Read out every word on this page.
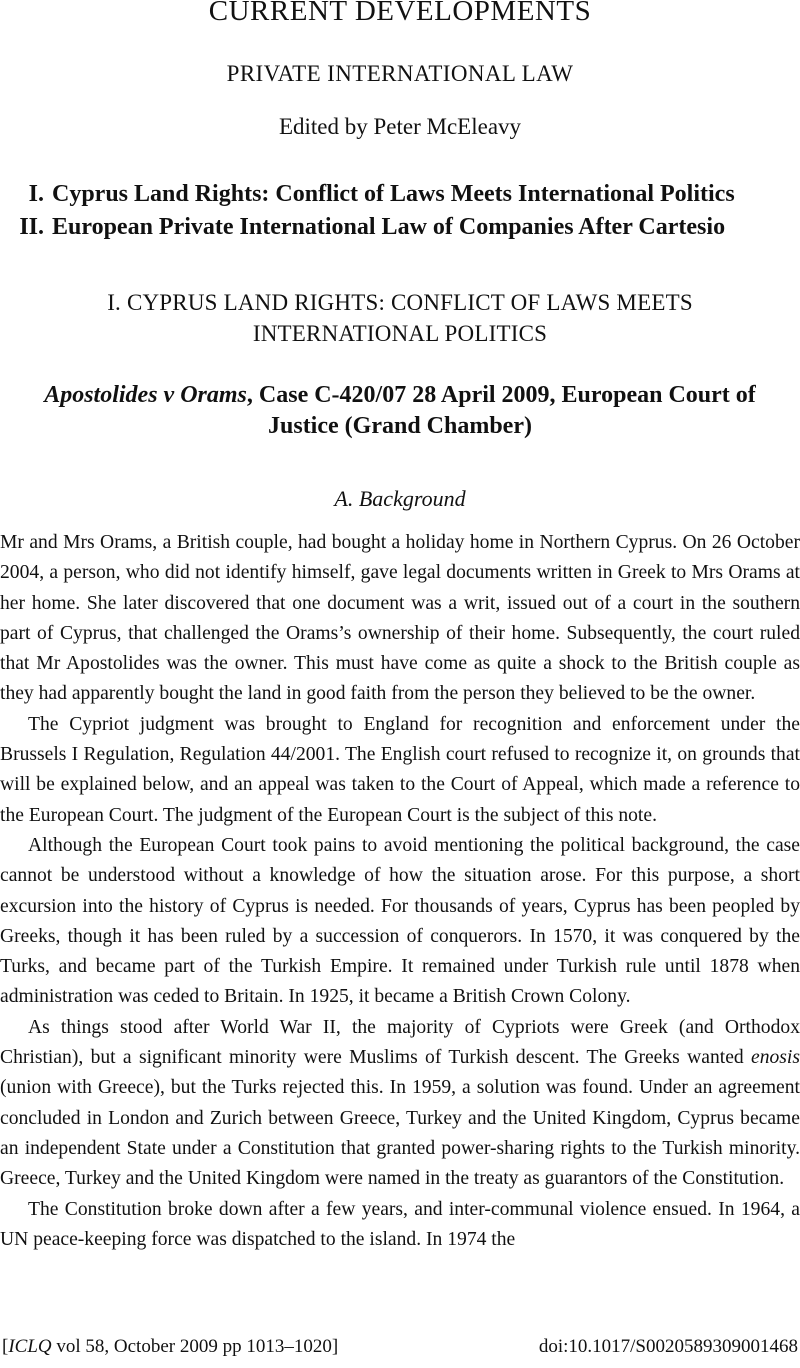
CURRENT DEVELOPMENTS
PRIVATE INTERNATIONAL LAW
Edited by Peter McEleavy
I. Cyprus Land Rights: Conflict of Laws Meets International Politics
II. European Private International Law of Companies After Cartesio
I. CYPRUS LAND RIGHTS: CONFLICT OF LAWS MEETS
INTERNATIONAL POLITICS
Apostolides v Orams, Case C-420/07 28 April 2009, European Court of
Justice (Grand Chamber)
A. Background

Mr and Mrs Orams, a British couple, had bought a holiday home in Northern Cyprus. On 26 October 2004, a person, who did not identify himself, gave legal documents written in Greek to Mrs Orams at her home. She later discovered that one document was a writ, issued out of a court in the southern part of Cyprus, that challenged the Orams’s ownership of their home. Subsequently, the court ruled that Mr Apostolides was the owner. This must have come as quite a shock to the British couple as they had apparently bought the land in good faith from the person they believed to be the owner.

The Cypriot judgment was brought to England for recognition and enforcement under the Brussels I Regulation, Regulation 44/2001. The English court refused to recognize it, on grounds that will be explained below, and an appeal was taken to the Court of Appeal, which made a reference to the European Court. The judgment of the European Court is the subject of this note.

Although the European Court took pains to avoid mentioning the political background, the case cannot be understood without a knowledge of how the situation arose. For this purpose, a short excursion into the history of Cyprus is needed. For thousands of years, Cyprus has been peopled by Greeks, though it has been ruled by a succession of conquerors. In 1570, it was conquered by the Turks, and became part of the Turkish Empire. It remained under Turkish rule until 1878 when administration was ceded to Britain. In 1925, it became a British Crown Colony.

As things stood after World War II, the majority of Cypriots were Greek (and Orthodox Christian), but a significant minority were Muslims of Turkish descent. The Greeks wanted enosis (union with Greece), but the Turks rejected this. In 1959, a solution was found. Under an agreement concluded in London and Zurich between Greece, Turkey and the United Kingdom, Cyprus became an independent State under a Constitution that granted power-sharing rights to the Turkish minority. Greece, Turkey and the United Kingdom were named in the treaty as guarantors of the Constitution.

The Constitution broke down after a few years, and inter-communal violence ensued. In 1964, a UN peace-keeping force was dispatched to the island. In 1974 the

[ICLQ vol 58, October 2009 pp 1013–1020]	doi:10.1017/S0020589309001468
